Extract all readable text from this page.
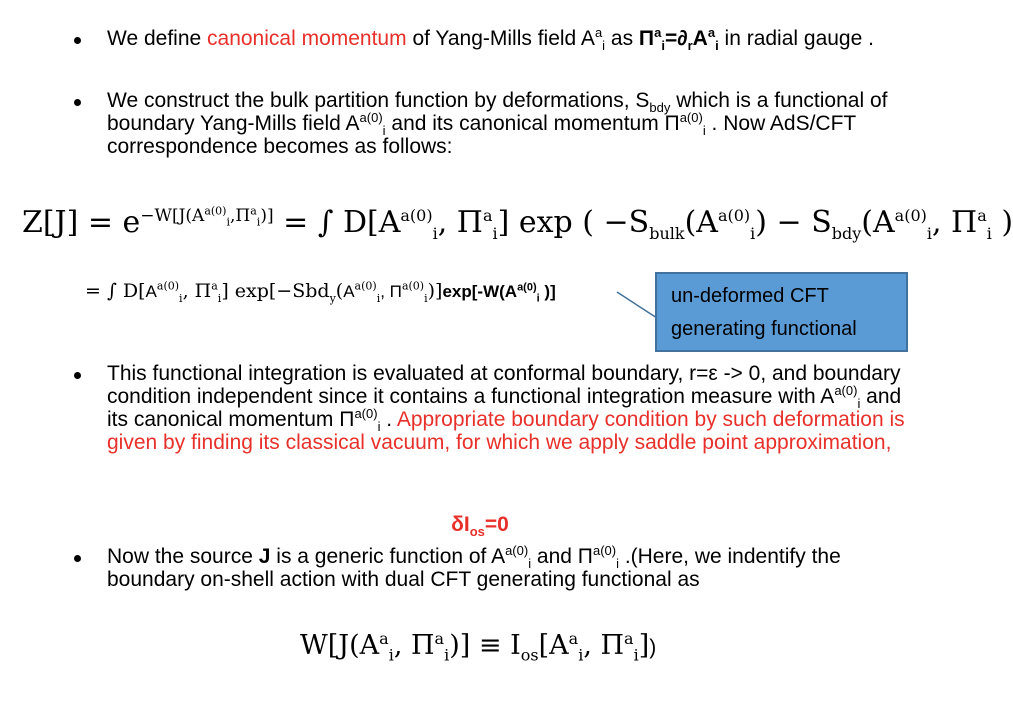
We define canonical momentum of Yang-Mills field $A^a_i$ as $\Pi^a_i=\partial_rA^a_i$ in radial gauge .
We construct the bulk partition function by deformations, $S_{bdy}$ which is a functional of boundary Yang-Mills field $A^{a(0)}_i$ and its canonical momentum $\Pi^{a(0)}_i$ . Now AdS/CFT correspondence becomes as follows:
$Z[J] = e^{-W[J(A^{a(0)}_i,\Pi^a_i)]}$ = ∫ $D[A^{a(0)}_i$, $\Pi^a_i$] exp ( $-S_{bulk}(A^{a(0)}_i) - S_{bdy}(A^{a(0)}_i$, $\Pi^a_i$ )
= ∫ $D[A^{a(0)}_i$, $\Pi^a_i$] $\exp[-Sbd_y(A^{a(0)}_i$, $\Pi^{a(0)}_i)]\exp[-W(A^{a(0)}_i$ )]	un-deformed CFT
generating functional
This functional integration is evaluated at conformal boundary, r=ε -> 0, and boundary condition independent since it contains a functional integration measure with $A^{a(0)}_i$ and its canonical momentum $\Pi^{a(0)}_i$ . Appropriate boundary condition by such deformation is given by finding its classical vacuum, for which we apply saddle point approximation,
$\delta I_{os}=0$
Now the source J is a generic function of $A^{a(0)}_i$ and $\Pi^{a(0)}_i$ .(Here, we indentify the boundary on-shell action with dual CFT generating functional as
$W[J(A^a_i$, $\Pi^a_i)] \equiv I_{os}[A^a_i$, $\Pi^a_i$])
